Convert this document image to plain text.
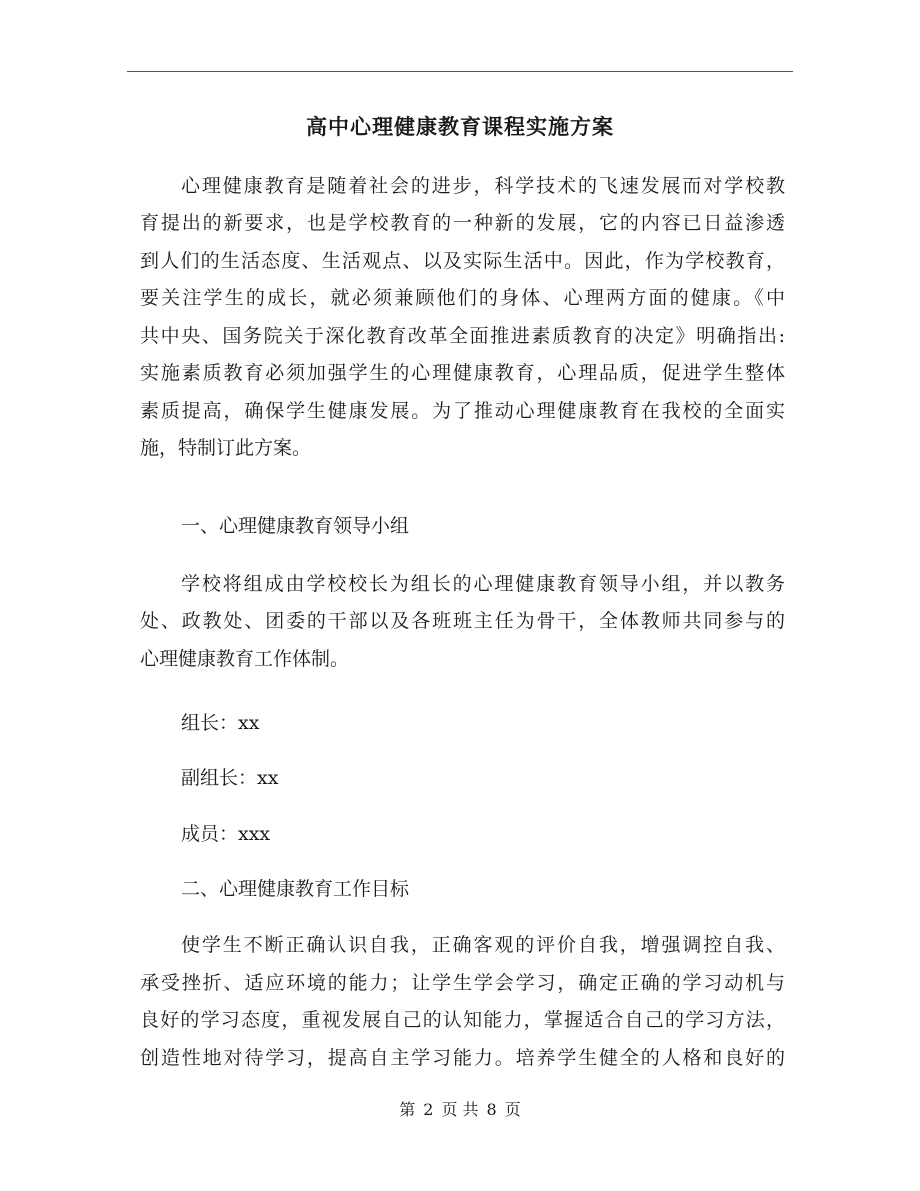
高中心理健康教育课程实施方案
心理健康教育是随着社会的进步，科学技术的飞速发展而对学校教
育提出的新要求，也是学校教育的一种新的发展，它的内容已日益渗透
到人们的生活态度、生活观点、以及实际生活中。因此，作为学校教育，
要关注学生的成长，就必须兼顾他们的身体、心理两方面的健康。《中
共中央、国务院关于深化教育改革全面推进素质教育的决定》明确指出:
实施素质教育必须加强学生的心理健康教育，心理品质，促进学生整体
素质提高，确保学生健康发展。为了推动心理健康教育在我校的全面实
施，特制订此方案。
一、心理健康教育领导小组
学校将组成由学校校长为组长的心理健康教育领导小组，并以教务
处、政教处、团委的干部以及各班班主任为骨干，全体教师共同参与的
心理健康教育工作体制。
组长：xx
副组长：xx
成员：xxx
二、心理健康教育工作目标
使学生不断正确认识自我，正确客观的评价自我，增强调控自我、
承受挫折、适应环境的能力；让学生学会学习，确定正确的学习动机与
良好的学习态度，重视发展自己的认知能力，掌握适合自己的学习方法，
创造性地对待学习，提高自主学习能力。培养学生健全的人格和良好的
第 2 页 共 8 页
